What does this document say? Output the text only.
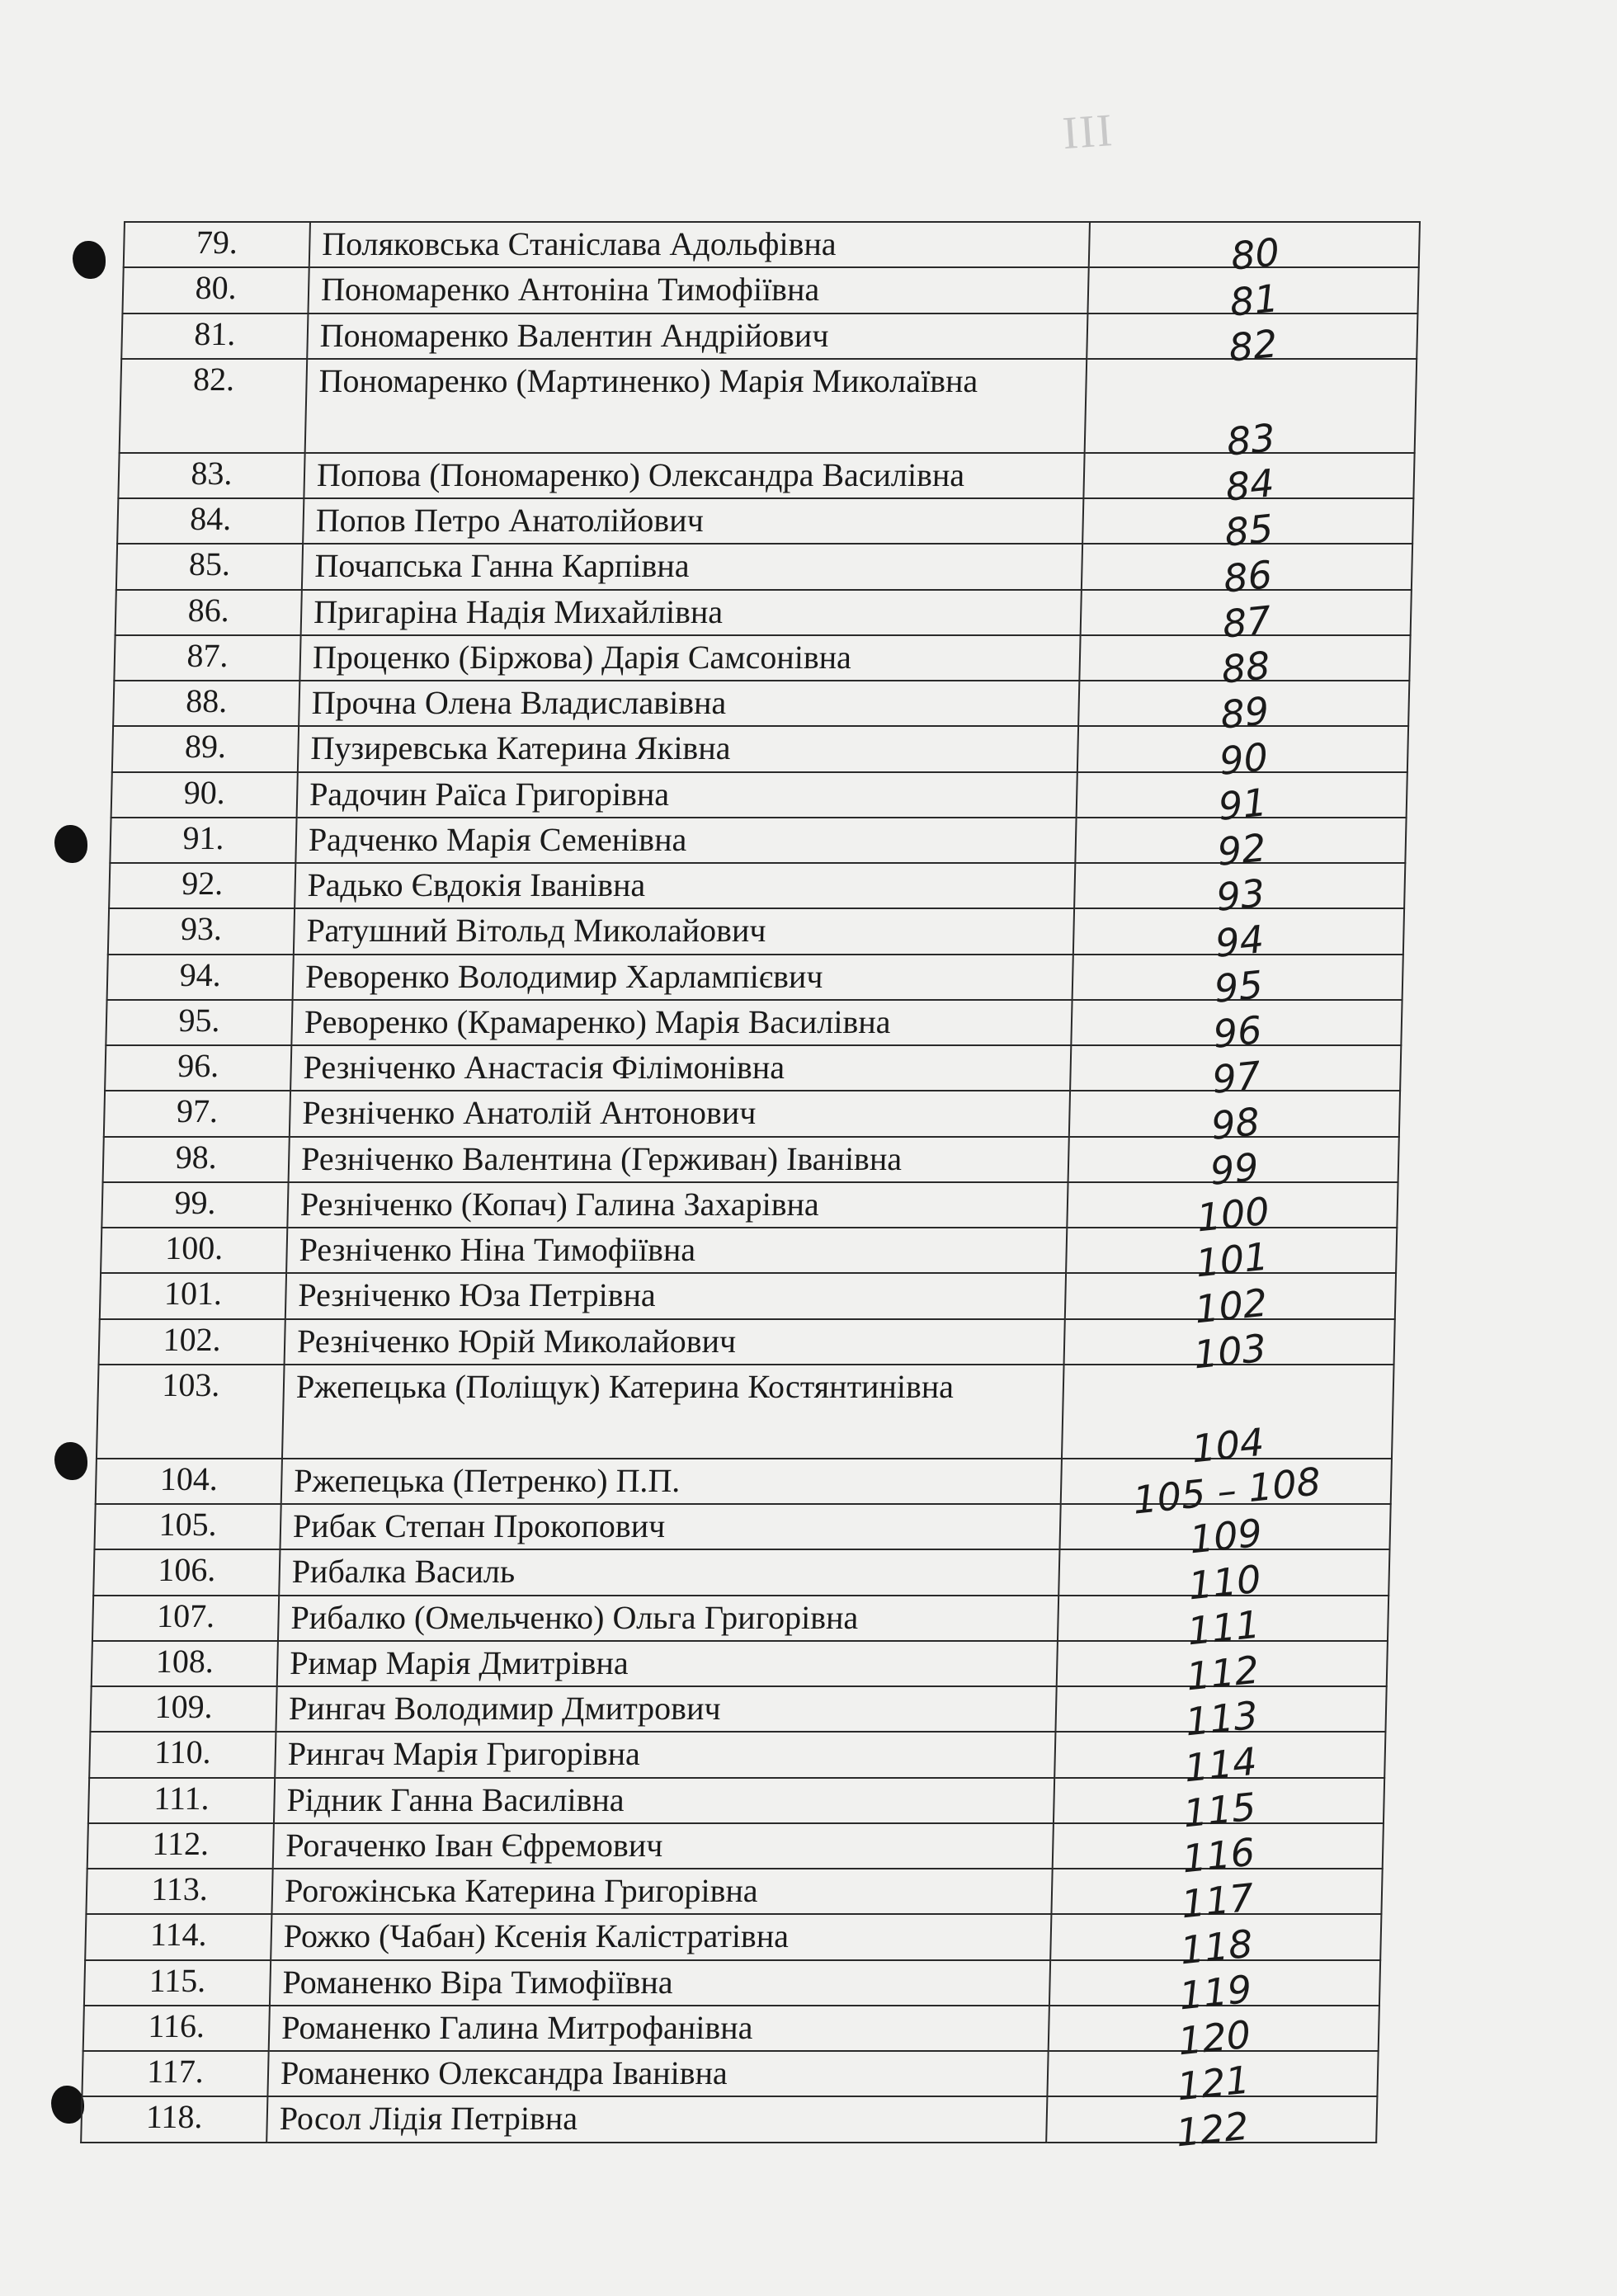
III
79.	Поляковська Станіслава Адольфівна	80
80.	Пономаренко Антоніна Тимофіївна	81
81.	Пономаренко Валентин Андрійович	82
82.	Пономаренко (Мартиненко) Марія Миколаївна	83
83.	Попова (Пономаренко) Олександра Василівна	84
84.	Попов Петро Анатолійович	85
85.	Почапська Ганна Карпівна	86
86.	Пригаріна Надія Михайлівна	87
87.	Проценко (Біржова) Дарія Самсонівна	88
88.	Прочна Олена Владиславівна	89
89.	Пузиревська Катерина Яківна	90
90.	Радочин Раїса Григорівна	91
91.	Радченко Марія Семенівна	92
92.	Радько Євдокія Іванівна	93
93.	Ратушний Вітольд Миколайович	94
94.	Реворенко Володимир Харлампієвич	95
95.	Реворенко (Крамаренко) Марія Василівна	96
96.	Резніченко Анастасія Філімонівна	97
97.	Резніченко Анатолій Антонович	98
98.	Резніченко Валентина (Герживан) Іванівна	99
99.	Резніченко (Копач) Галина Захарівна	100
100.	Резніченко Ніна Тимофіївна	101
101.	Резніченко Юза Петрівна	102
102.	Резніченко Юрій Миколайович	103
103.	Ржепецька (Поліщук) Катерина Костянтинівна	104
104.	Ржепецька (Петренко) П.П.	105 – 108
105.	Рибак Степан Прокопович	109
106.	Рибалка Василь	110
107.	Рибалко (Омельченко) Ольга Григорівна	111
108.	Римар Марія Дмитрівна	112
109.	Рингач Володимир Дмитрович	113
110.	Рингач Марія Григорівна	114
111.	Рідник Ганна Василівна	115
112.	Рогаченко Іван Єфремович	116
113.	Рогожінська Катерина Григорівна	117
114.	Рожко (Чабан) Ксенія Калістратівна	118
115.	Романенко Віра Тимофіївна	119
116.	Романенко Галина Митрофанівна	120
117.	Романенко Олександра Іванівна	121
118.	Росол Лідія Петрівна	122
